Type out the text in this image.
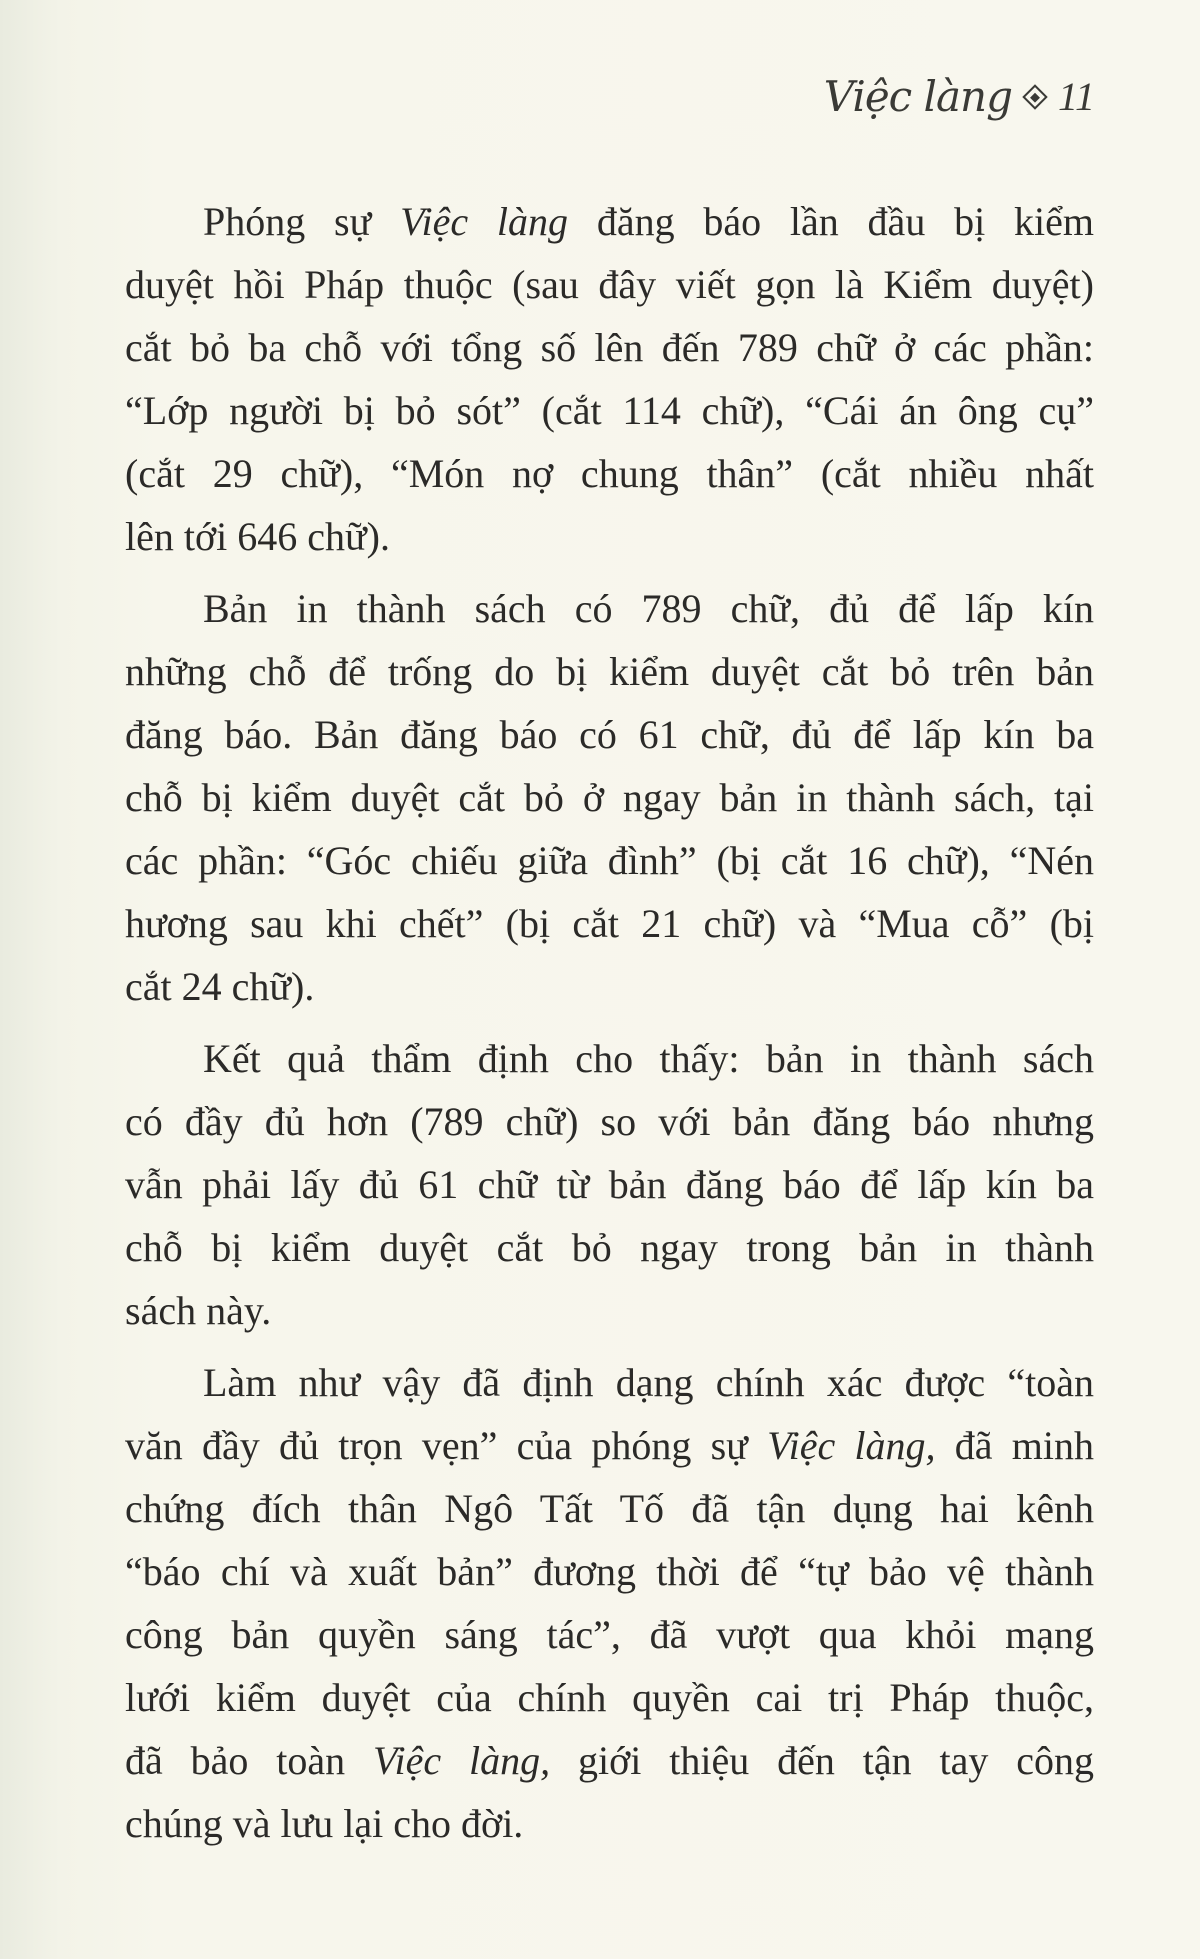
Việc làng 11
Phóng sự Việc làng đăng báo lần đầu bị kiểm
duyệt hồi Pháp thuộc (sau đây viết gọn là Kiểm duyệt)
cắt bỏ ba chỗ với tổng số lên đến 789 chữ ở các phần:
“Lớp người bị bỏ sót” (cắt 114 chữ), “Cái án ông cụ”
(cắt 29 chữ), “Món nợ chung thân” (cắt nhiều nhất
lên tới 646 chữ).
Bản in thành sách có 789 chữ, đủ để lấp kín
những chỗ để trống do bị kiểm duyệt cắt bỏ trên bản
đăng báo. Bản đăng báo có 61 chữ, đủ để lấp kín ba
chỗ bị kiểm duyệt cắt bỏ ở ngay bản in thành sách, tại
các phần: “Góc chiếu giữa đình” (bị cắt 16 chữ), “Nén
hương sau khi chết” (bị cắt 21 chữ) và “Mua cỗ” (bị
cắt 24 chữ).
Kết quả thẩm định cho thấy: bản in thành sách
có đầy đủ hơn (789 chữ) so với bản đăng báo nhưng
vẫn phải lấy đủ 61 chữ từ bản đăng báo để lấp kín ba
chỗ bị kiểm duyệt cắt bỏ ngay trong bản in thành
sách này.
Làm như vậy đã định dạng chính xác được “toàn
văn đầy đủ trọn vẹn” của phóng sự Việc làng, đã minh
chứng đích thân Ngô Tất Tố đã tận dụng hai kênh
“báo chí và xuất bản” đương thời để “tự bảo vệ thành
công bản quyền sáng tác”, đã vượt qua khỏi mạng
lưới kiểm duyệt của chính quyền cai trị Pháp thuộc,
đã bảo toàn Việc làng, giới thiệu đến tận tay công
chúng và lưu lại cho đời.
